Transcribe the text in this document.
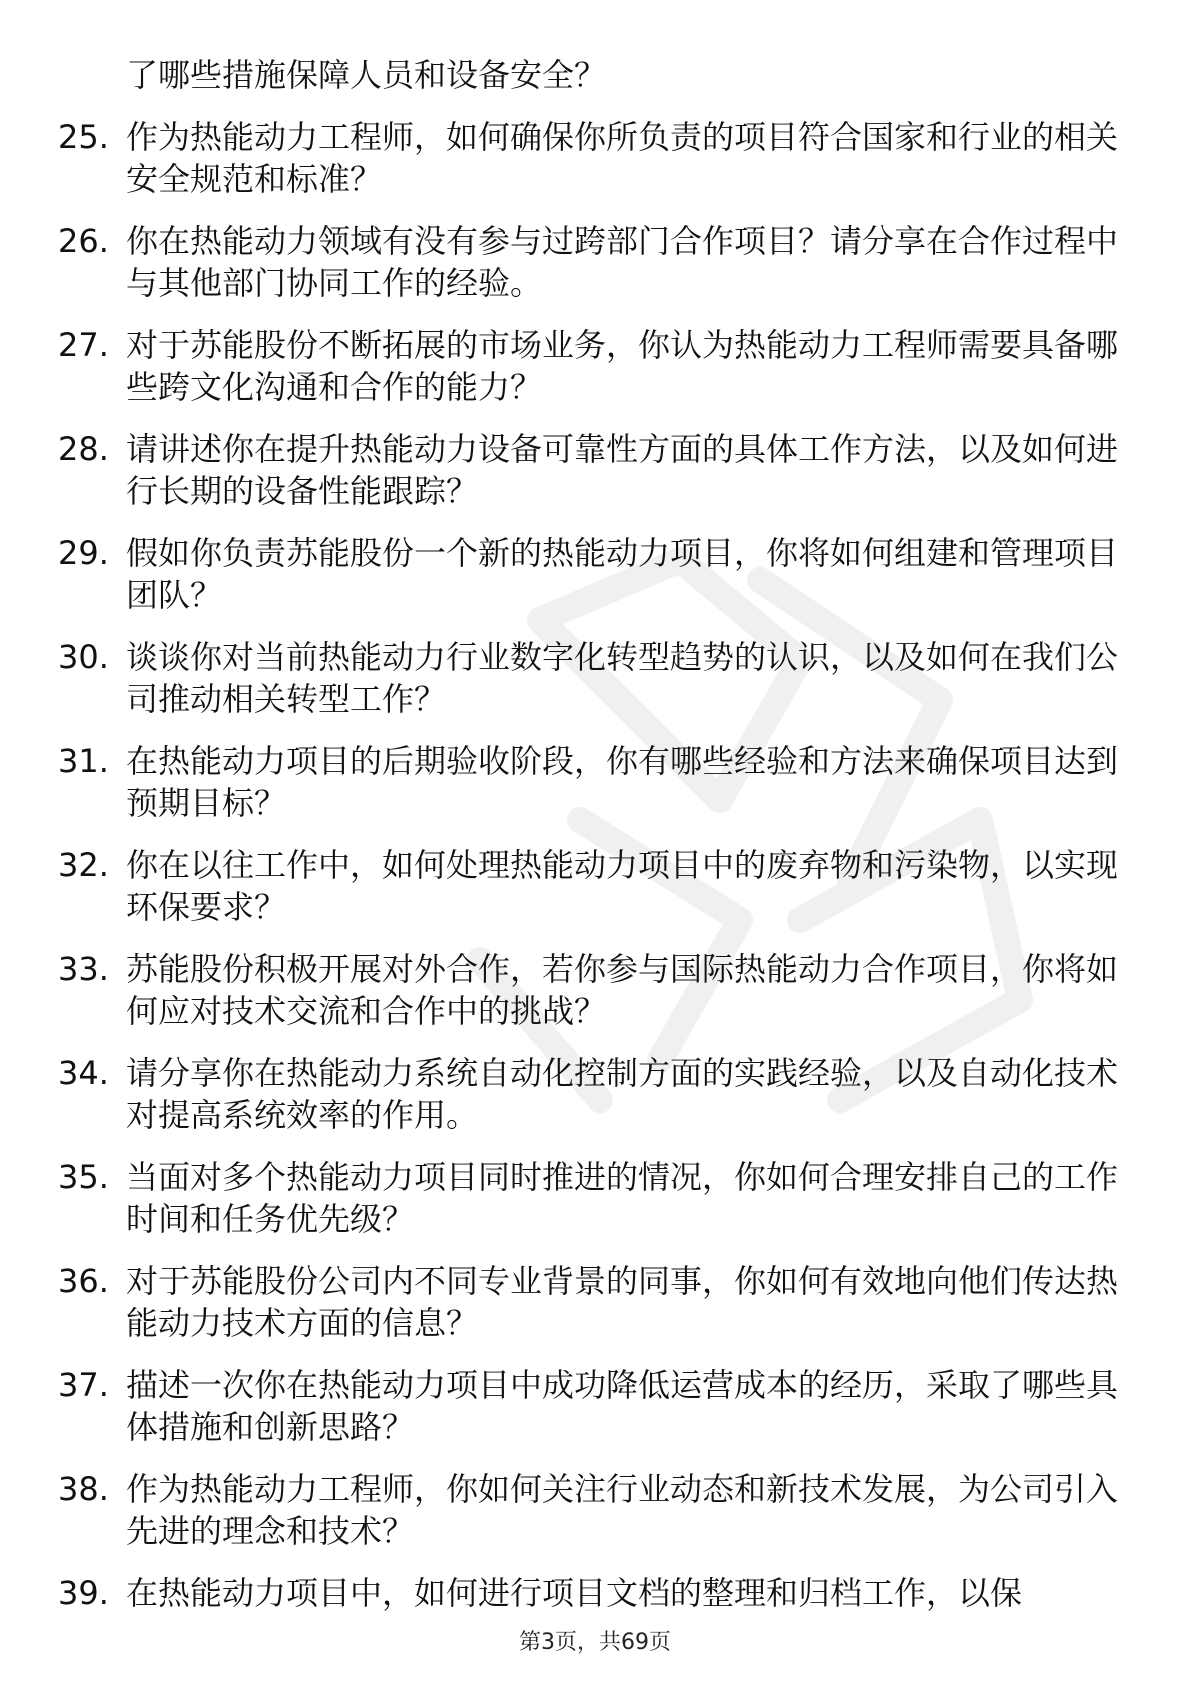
了哪些措施保障人员和设备安全？
25. 作为热能动力工程师，如何确保你所负责的项目符合国家和行业的相关安全规范和标准？
26. 你在热能动力领域有没有参与过跨部门合作项目？请分享在合作过程中与其他部门协同工作的经验。
27. 对于苏能股份不断拓展的市场业务，你认为热能动力工程师需要具备哪些跨文化沟通和合作的能力？
28. 请讲述你在提升热能动力设备可靠性方面的具体工作方法，以及如何进行长期的设备性能跟踪？
29. 假如你负责苏能股份一个新的热能动力项目，你将如何组建和管理项目团队？
30. 谈谈你对当前热能动力行业数字化转型趋势的认识，以及如何在我们公司推动相关转型工作？
31. 在热能动力项目的后期验收阶段，你有哪些经验和方法来确保项目达到预期目标？
32. 你在以往工作中，如何处理热能动力项目中的废弃物和污染物，以实现环保要求？
33. 苏能股份积极开展对外合作，若你参与国际热能动力合作项目，你将如何应对技术交流和合作中的挑战？
34. 请分享你在热能动力系统自动化控制方面的实践经验，以及自动化技术对提高系统效率的作用。
35. 当面对多个热能动力项目同时推进的情况，你如何合理安排自己的工作时间和任务优先级？
36. 对于苏能股份公司内不同专业背景的同事，你如何有效地向他们传达热能动力技术方面的信息？
37. 描述一次你在热能动力项目中成功降低运营成本的经历，采取了哪些具体措施和创新思路？
38. 作为热能动力工程师，你如何关注行业动态和新技术发展，为公司引入先进的理念和技术？
39. 在热能动力项目中，如何进行项目文档的整理和归档工作，以保
第3页，共69页
